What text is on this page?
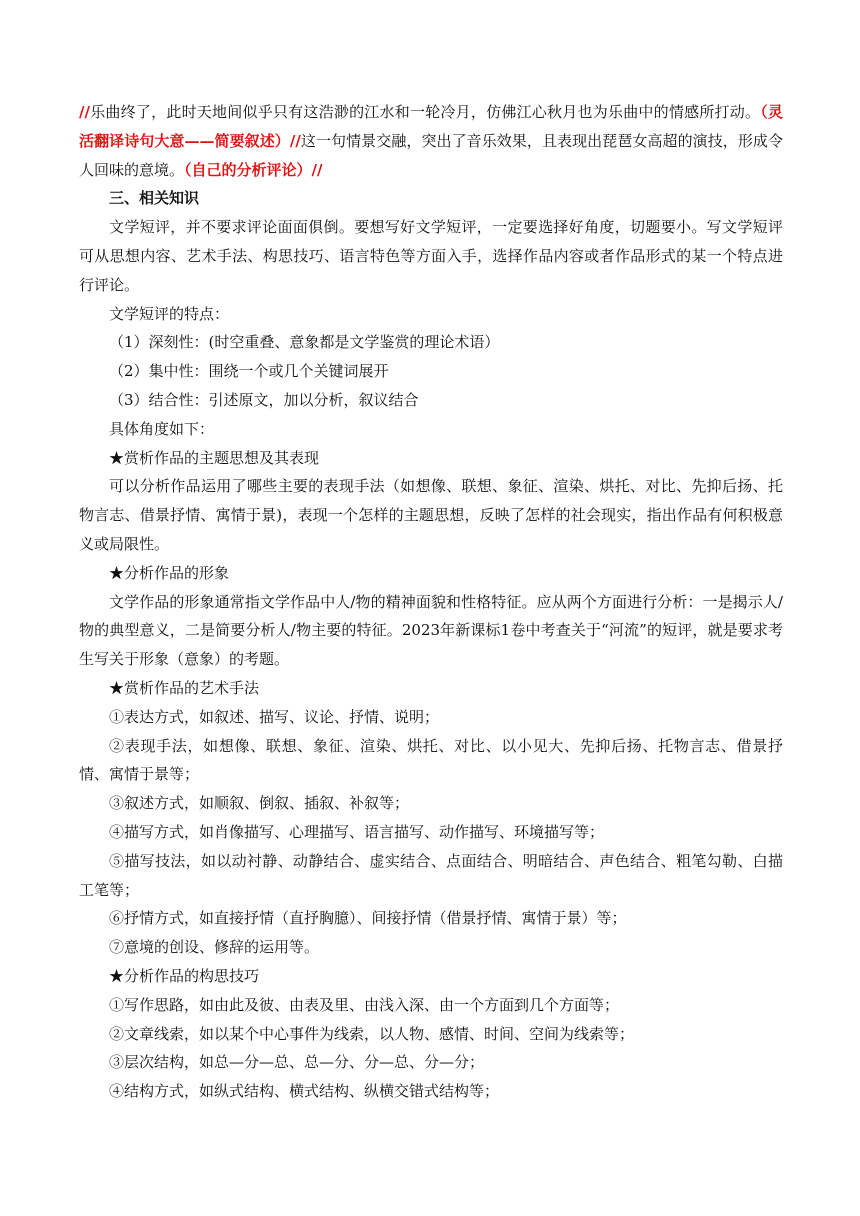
//乐曲终了，此时天地间似乎只有这浩渺的江水和一轮冷月，仿佛江心秋月也为乐曲中的情感所打动。（灵活翻译诗句大意——简要叙述）//这一句情景交融，突出了音乐效果，且表现出琵琶女高超的演技，形成令人回味的意境。（自己的分析评论）//

三、相关知识

文学短评，并不要求评论面面俱倒。要想写好文学短评，一定要选择好角度，切题要小。写文学短评可从思想内容、艺术手法、构思技巧、语言特色等方面入手，选择作品内容或者作品形式的某一个特点进行评论。

文学短评的特点：

（1）深刻性：(时空重叠、意象都是文学鉴赏的理论术语）

（2）集中性：围绕一个或几个关键词展开

（3）结合性：引述原文，加以分析，叙议结合

具体角度如下：

★赏析作品的主题思想及其表现

可以分析作品运用了哪些主要的表现手法（如想像、联想、象征、渲染、烘托、对比、先抑后扬、托物言志、借景抒情、寓情于景)，表现一个怎样的主题思想，反映了怎样的社会现实，指出作品有何积极意义或局限性。

★分析作品的形象

文学作品的形象通常指文学作品中人/物的精神面貌和性格特征。应从两个方面进行分析：一是揭示人/物的典型意义，二是简要分析人/物主要的特征。2023年新课标1卷中考查关于“河流”的短评，就是要求考生写关于形象（意象）的考题。

★赏析作品的艺术手法

①表达方式，如叙述、描写、议论、抒情、说明；

②表现手法，如想像、联想、象征、渲染、烘托、对比、以小见大、先抑后扬、托物言志、借景抒情、寓情于景等；

③叙述方式，如顺叙、倒叙、插叙、补叙等；

④描写方式，如肖像描写、心理描写、语言描写、动作描写、环境描写等；

⑤描写技法，如以动衬静、动静结合、虚实结合、点面结合、明暗结合、声色结合、粗笔勾勒、白描工笔等；

⑥抒情方式，如直接抒情（直抒胸臆）、间接抒情（借景抒情、寓情于景）等；

⑦意境的创设、修辞的运用等。

★分析作品的构思技巧

①写作思路，如由此及彼、由表及里、由浅入深、由一个方面到几个方面等；

②文章线索，如以某个中心事件为线索，以人物、感情、时间、空间为线索等；

③层次结构，如总—分—总、总—分、分—总、分—分；

④结构方式，如纵式结构、横式结构、纵横交错式结构等；
